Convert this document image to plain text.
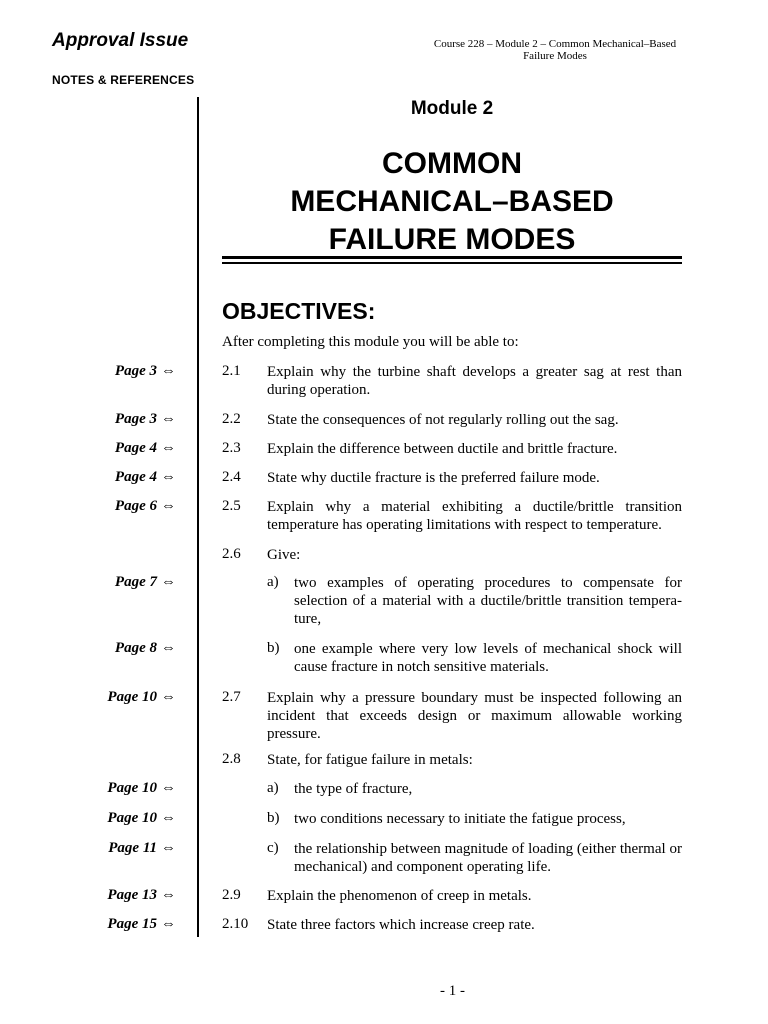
Approval Issue
NOTES & REFERENCES
Course 228 – Module 2 – Common Mechanical–Based
Failure Modes
Module 2
COMMON
MECHANICAL–BASED
FAILURE MODES
OBJECTIVES:
After completing this module you will be able to:
2.1 Explain why the turbine shaft develops a greater sag at rest than during operation.
Page 3 ⇔
2.2 State the consequences of not regularly rolling out the sag.
Page 3 ⇔
2.3 Explain the difference between ductile and brittle fracture.
Page 4 ⇔
2.4 State why ductile fracture is the preferred failure mode.
Page 4 ⇔
2.5 Explain why a material exhibiting a ductile/brittle transition temperature has operating limitations with respect to temperature.
Page 6 ⇔
2.6 Give:
a) two examples of operating procedures to compensate for selection of a material with a ductile/brittle transition tempera-ture,
Page 7 ⇔
b) one example where very low levels of mechanical shock will cause fracture in notch sensitive materials.
Page 8 ⇔
2.7 Explain why a pressure boundary must be inspected following an incident that exceeds design or maximum allowable working pressure.
Page 10 ⇔
2.8 State, for fatigue failure in metals:
a) the type of fracture,
Page 10 ⇔
b) two conditions necessary to initiate the fatigue process,
Page 10 ⇔
c) the relationship between magnitude of loading (either thermal or mechanical) and component operating life.
Page 11 ⇔
2.9 Explain the phenomenon of creep in metals.
Page 13 ⇔
2.10 State three factors which increase creep rate.
Page 15 ⇔
- 1 -
